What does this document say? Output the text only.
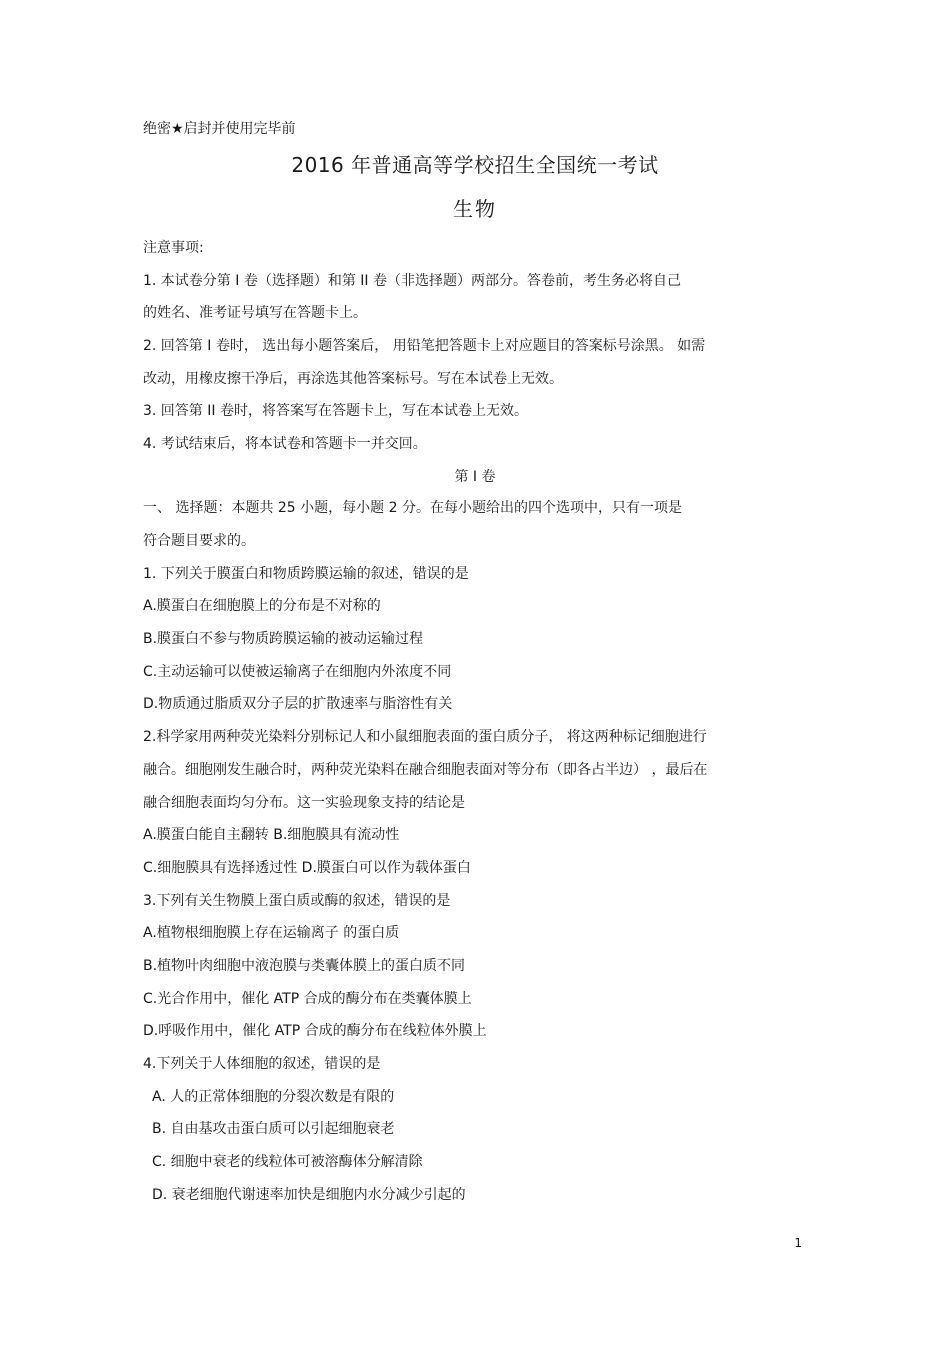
绝密★启封并使用完毕前
2016 年普通高等学校招生全国统一考试
生物
注意事项:
1. 本试卷分第 I 卷（选择题）和第 II 卷（非选择题）两部分。答卷前，考生务必将自己
的姓名、准考证号填写在答题卡上。
2. 回答第 I 卷时， 选出每小题答案后， 用铅笔把答题卡上对应题目的答案标号涂黑。 如需
改动，用橡皮擦干净后，再涂选其他答案标号。写在本试卷上无效。
3. 回答第 II 卷时，将答案写在答题卡上，写在本试卷上无效。
4. 考试结束后，将本试卷和答题卡一并交回。
第 Ⅰ 卷
一、 选择题：本题共 25 小题，每小题 2 分。在每小题给出的四个选项中，只有一项是
符合题目要求的。
1. 下列关于膜蛋白和物质跨膜运输的叙述，错误的是
A.膜蛋白在细胞膜上的分布是不对称的
B.膜蛋白不参与物质跨膜运输的被动运输过程
C.主动运输可以使被运输离子在细胞内外浓度不同
D.物质通过脂质双分子层的扩散速率与脂溶性有关
2.科学家用两种荧光染料分别标记人和小鼠细胞表面的蛋白质分子， 将这两种标记细胞进行
融合。细胞刚发生融合时，两种荧光染料在融合细胞表面对等分布（即各占半边） ，最后在
融合细胞表面均匀分布。这一实验现象支持的结论是
A.膜蛋白能自主翻转 B.细胞膜具有流动性
C.细胞膜具有选择透过性 D.膜蛋白可以作为载体蛋白
3.下列有关生物膜上蛋白质或酶的叙述，错误的是
A.植物根细胞膜上存在运输离子 的蛋白质
B.植物叶肉细胞中液泡膜与类囊体膜上的蛋白质不同
C.光合作用中，催化 ATP 合成的酶分布在类囊体膜上
D.呼吸作用中，催化 ATP 合成的酶分布在线粒体外膜上
4.下列关于人体细胞的叙述，错误的是
A. 人的正常体细胞的分裂次数是有限的
B. 自由基攻击蛋白质可以引起细胞衰老
C. 细胞中衰老的线粒体可被溶酶体分解清除
D. 衰老细胞代谢速率加快是细胞内水分减少引起的
1
